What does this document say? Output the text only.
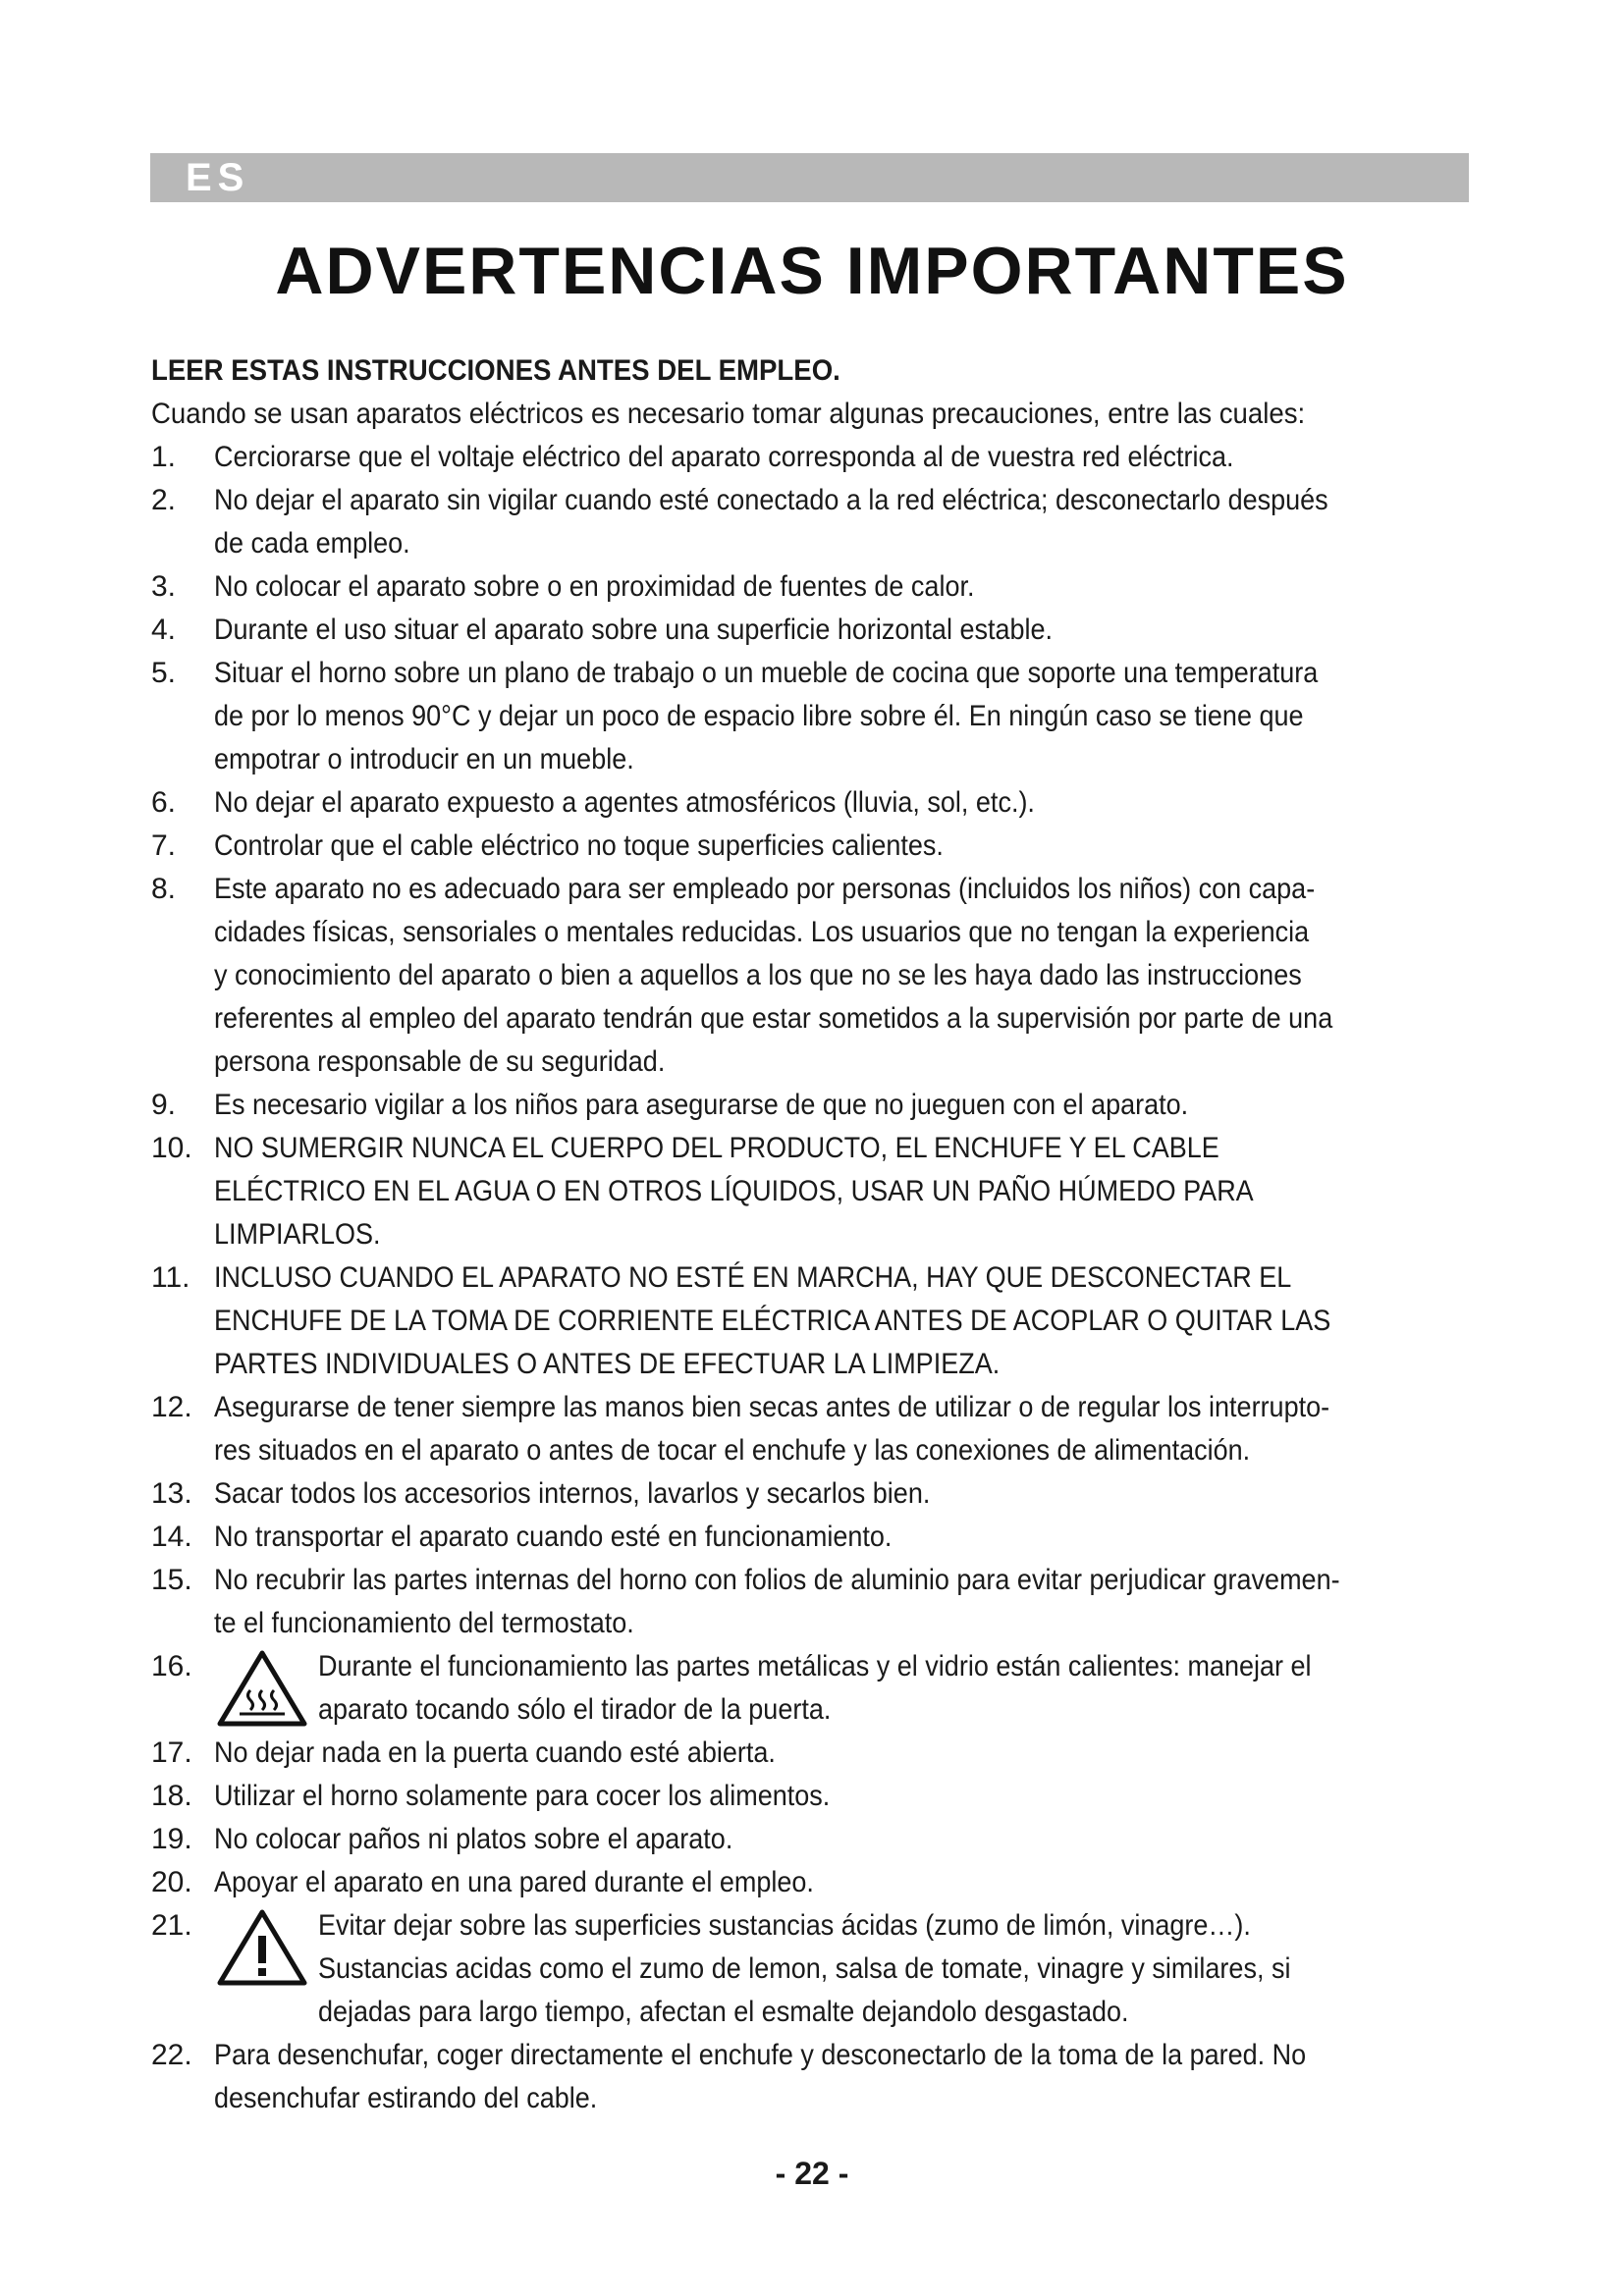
ES
ADVERTENCIAS IMPORTANTES
LEER ESTAS INSTRUCCIONES ANTES DEL EMPLEO.
Cuando se usan aparatos eléctricos es necesario tomar algunas precauciones, entre las cuales:
1.	Cerciorarse que el voltaje eléctrico del aparato corresponda al de vuestra red eléctrica.
2.	No dejar el aparato sin vigilar cuando esté conectado a la red eléctrica; desconectarlo después
de cada empleo.
3.	No colocar el aparato sobre o en proximidad de fuentes de calor.
4.	Durante el uso situar el aparato sobre una superficie horizontal estable.
5.	Situar el horno sobre un plano de trabajo o un mueble de cocina que soporte una temperatura
de por lo menos 90°C y dejar un poco de espacio libre sobre él. En ningún caso se tiene que
empotrar o introducir en un mueble.
6.	No dejar el aparato expuesto a agentes atmosféricos (lluvia, sol, etc.).
7.	Controlar que el cable eléctrico no toque superficies calientes.
8.	Este aparato no es adecuado para ser empleado por personas (incluidos los niños) con capa-
cidades físicas, sensoriales o mentales reducidas. Los usuarios que no tengan la experiencia
y conocimiento del aparato o bien a aquellos a los que no se les haya dado las instrucciones
referentes al empleo del aparato tendrán que estar sometidos a la supervisión por parte de una
persona responsable de su seguridad.
9.	Es necesario vigilar a los niños para asegurarse de que no jueguen con el aparato.
10. NO SUMERGIR NUNCA EL CUERPO DEL PRODUCTO, EL ENCHUFE Y EL CABLE
ELÉCTRICO EN EL AGUA O EN OTROS LÍQUIDOS, USAR UN PAÑO HÚMEDO PARA
LIMPIARLOS.
11. INCLUSO CUANDO EL APARATO NO ESTÉ EN MARCHA, HAY QUE DESCONECTAR EL
ENCHUFE DE LA TOMA DE CORRIENTE ELÉCTRICA ANTES DE ACOPLAR O QUITAR LAS
PARTES INDIVIDUALES O ANTES DE EFECTUAR LA LIMPIEZA.
12. Asegurarse de tener siempre las manos bien secas antes de utilizar o de regular los interrupto-
res situados en el aparato o antes de tocar el enchufe y las conexiones de alimentación.
13. Sacar todos los accesorios internos, lavarlos y secarlos bien.
14. No transportar el aparato cuando esté en funcionamiento.
15. No recubrir las partes internas del horno con folios de aluminio para evitar perjudicar gravemen-
te el funcionamiento del termostato.
16.	Durante el funcionamiento las partes metálicas y el vidrio están calientes: manejar el
aparato tocando sólo el tirador de la puerta.
17. No dejar nada en la puerta cuando esté abierta.
18. Utilizar el horno solamente para cocer los alimentos.
19. No colocar paños ni platos sobre el aparato.
20. Apoyar el aparato en una pared durante el empleo.
21.	Evitar dejar sobre las superficies sustancias ácidas (zumo de limón, vinagre…).
Sustancias acidas como el zumo de lemon, salsa de tomate, vinagre y similares, si
dejadas para largo tiempo, afectan el esmalte dejandolo desgastado.
22. Para desenchufar, coger directamente el enchufe y desconectarlo de la toma de la pared. No
desenchufar estirando del cable.
- 22 -
